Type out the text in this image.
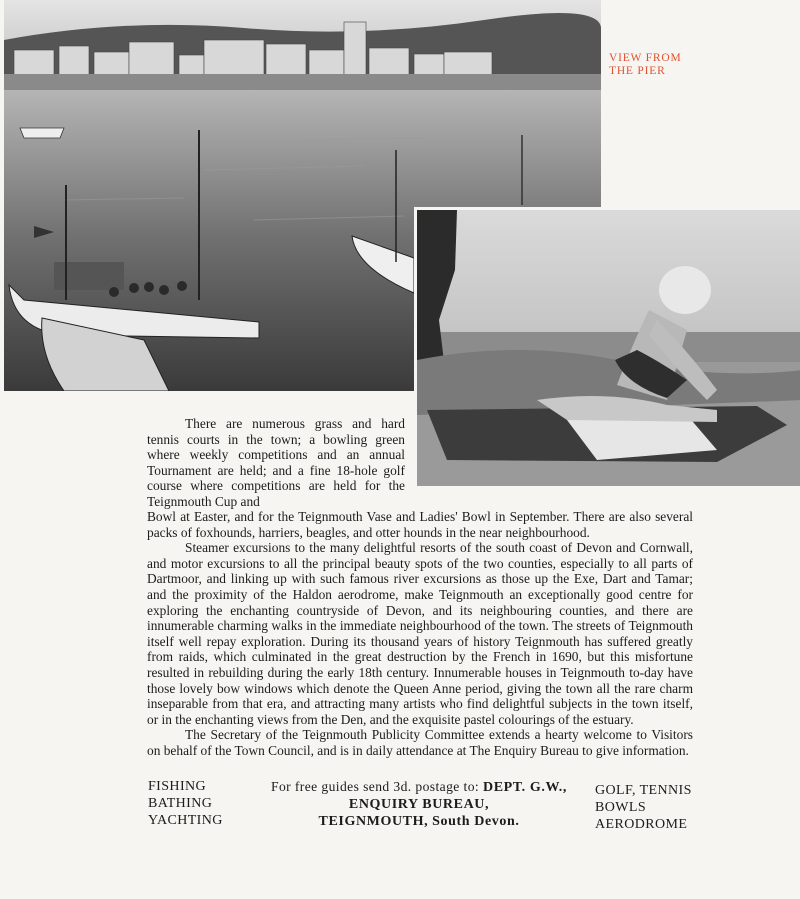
VIEW FROM
THE PIER

There are numerous grass and hard tennis courts in the town; a bowling green where weekly competitions and an annual Tournament are held; and a fine 18-hole golf course where competitions are held for the Teignmouth Cup and

Bowl at Easter, and for the Teignmouth Vase and Ladies' Bowl in September. There are also several packs of foxhounds, harriers, beagles, and otter hounds in the near neighbourhood.

Steamer excursions to the many delightful resorts of the south coast of Devon and Cornwall, and motor excursions to all the principal beauty spots of the two counties, especially to all parts of Dartmoor, and linking up with such famous river excursions as those up the Exe, Dart and Tamar; and the proximity of the Haldon aerodrome, make Teignmouth an exceptionally good centre for exploring the enchanting countryside of Devon, and its neighbouring counties, and there are innumerable charming walks in the immediate neighbourhood of the town. The streets of Teignmouth itself well repay exploration. During its thousand years of history Teignmouth has suffered greatly from raids, which culminated in the great destruction by the French in 1690, but this misfortune resulted in rebuilding during the early 18th century. Innumerable houses in Teignmouth to-day have those lovely bow windows which denote the Queen Anne period, giving the town all the rare charm inseparable from that era, and attracting many artists who find delightful subjects in the town itself, or in the enchanting views from the Den, and the exquisite pastel colourings of the estuary.

The Secretary of the Teignmouth Publicity Committee extends a hearty welcome to Visitors on behalf of the Town Council, and is in daily attendance at The Enquiry Bureau to give information.

FISHING
BATHING
YACHTING
For free guides send 3d. postage to: DEPT. G.W.,
ENQUIRY BUREAU,
TEIGNMOUTH, South Devon.
GOLF, TENNIS
BOWLS
AERODROME
